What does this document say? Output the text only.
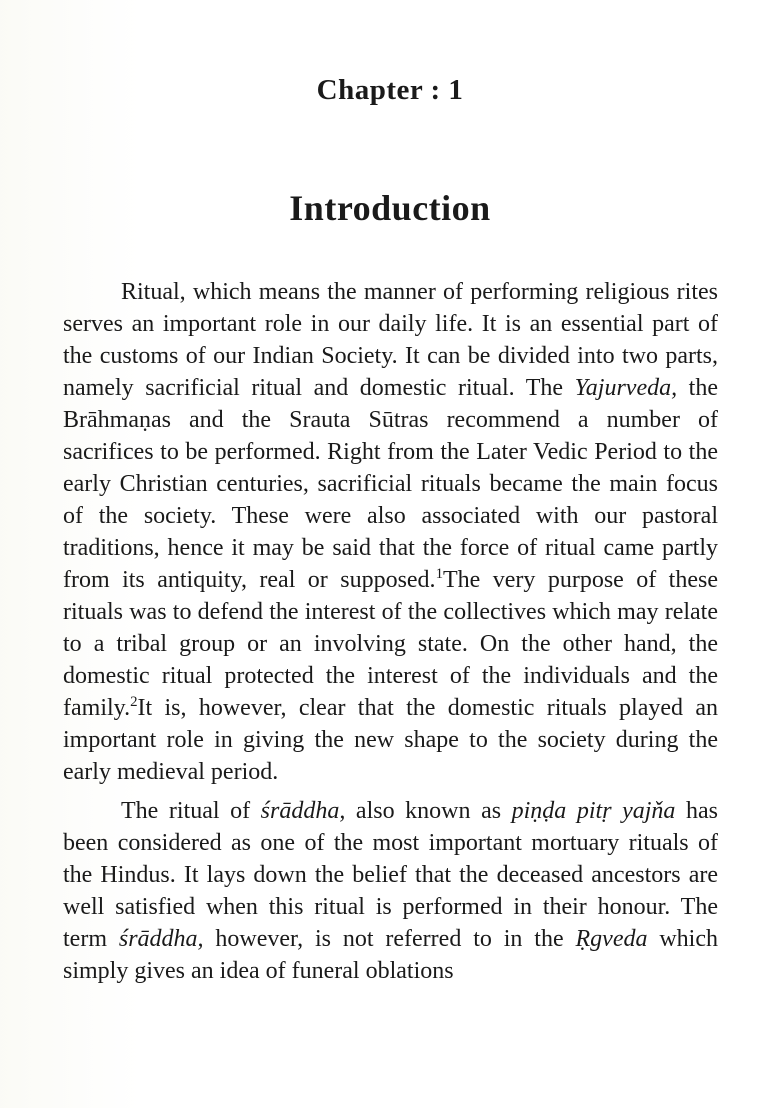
Chapter : 1
Introduction

Ritual, which means the manner of performing religious rites serves an important role in our daily life. It is an essential part of the customs of our Indian Society. It can be divided into two parts, namely sacrificial ritual and domestic ritual. The Yajurveda, the Brāhmaṇas and the Srauta Sūtras recommend a number of sacrifices to be performed. Right from the Later Vedic Period to the early Christian centuries, sacrificial rituals became the main focus of the society. These were also associated with our pastoral traditions, hence it may be said that the force of ritual came partly from its antiquity, real or supposed.$^1$The very purpose of these rituals was to defend the interest of the collectives which may relate to a tribal group or an involving state. On the other hand, the domestic ritual protected the interest of the individuals and the family.$^2$It is, however, clear that the domestic rituals played an important role in giving the new shape to the society during the early medieval period.

The ritual of śrāddha, also known as piṇḍa pitṛ yajňa has been considered as one of the most important mortuary rituals of the Hindus. It lays down the belief that the deceased ancestors are well satisfied when this ritual is performed in their honour. The term śrāddha, however, is not referred to in the Ṛgveda which simply gives an idea of funeral oblations
